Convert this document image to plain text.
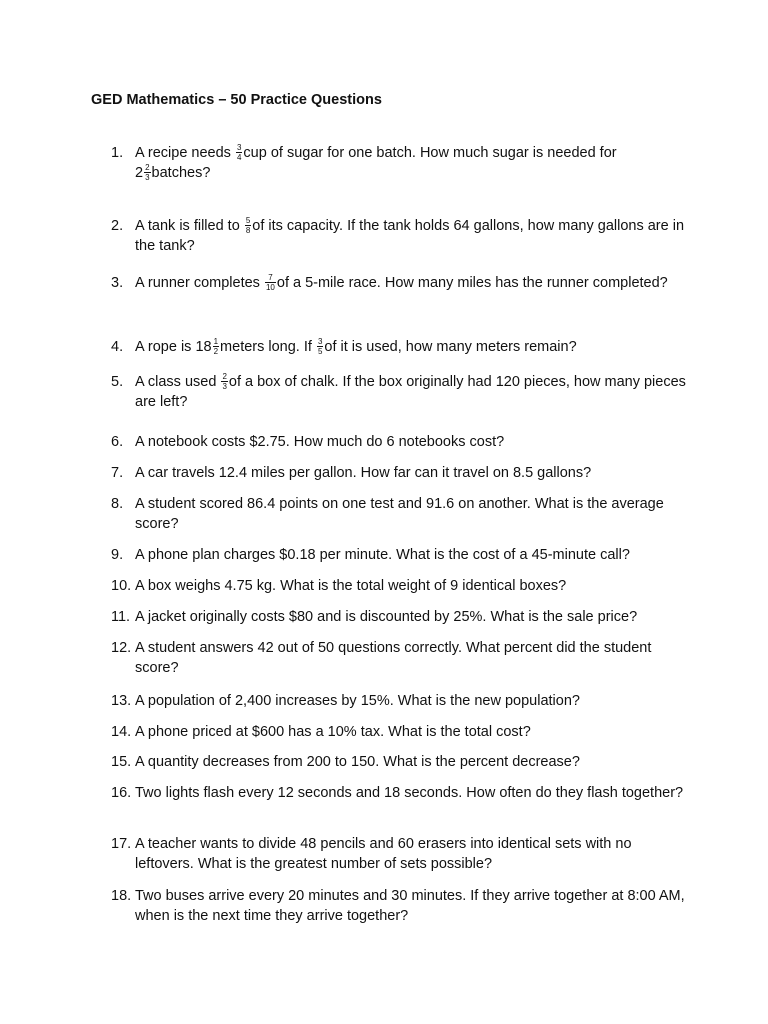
GED Mathematics – 50 Practice Questions
1. A recipe needs $\frac{3}{4}$ cup of sugar for one batch. How much sugar is needed for
$2 \frac{2}{3}$ batches?
2. A tank is filled to $\frac{5}{8}$ of its capacity. If the tank holds 64 gallons, how many gallons are in the tank?
3. A runner completes $\frac{7}{10}$ of a 5-mile race. How many miles has the runner completed?
4. A rope is $18 \frac{1}{2}$ meters long. If $\frac{3}{5}$ of it is used, how many meters remain?
5. A class used $\frac{2}{3}$ of a box of chalk. If the box originally had 120 pieces, how many pieces are left?
6. A notebook costs $2.75. How much do 6 notebooks cost?
7. A car travels 12.4 miles per gallon. How far can it travel on 8.5 gallons?
8. A student scored 86.4 points on one test and 91.6 on another. What is the average score?
9. A phone plan charges $0.18 per minute. What is the cost of a 45-minute call?
10. A box weighs 4.75 kg. What is the total weight of 9 identical boxes?
11. A jacket originally costs $80 and is discounted by 25%. What is the sale price?
12. A student answers 42 out of 50 questions correctly. What percent did the student score?
13. A population of 2,400 increases by 15%. What is the new population?
14. A phone priced at $600 has a 10% tax. What is the total cost?
15. A quantity decreases from 200 to 150. What is the percent decrease?
16. Two lights flash every 12 seconds and 18 seconds. How often do they flash together?
17. A teacher wants to divide 48 pencils and 60 erasers into identical sets with no leftovers. What is the greatest number of sets possible?
18. Two buses arrive every 20 minutes and 30 minutes. If they arrive together at 8:00 AM, when is the next time they arrive together?
